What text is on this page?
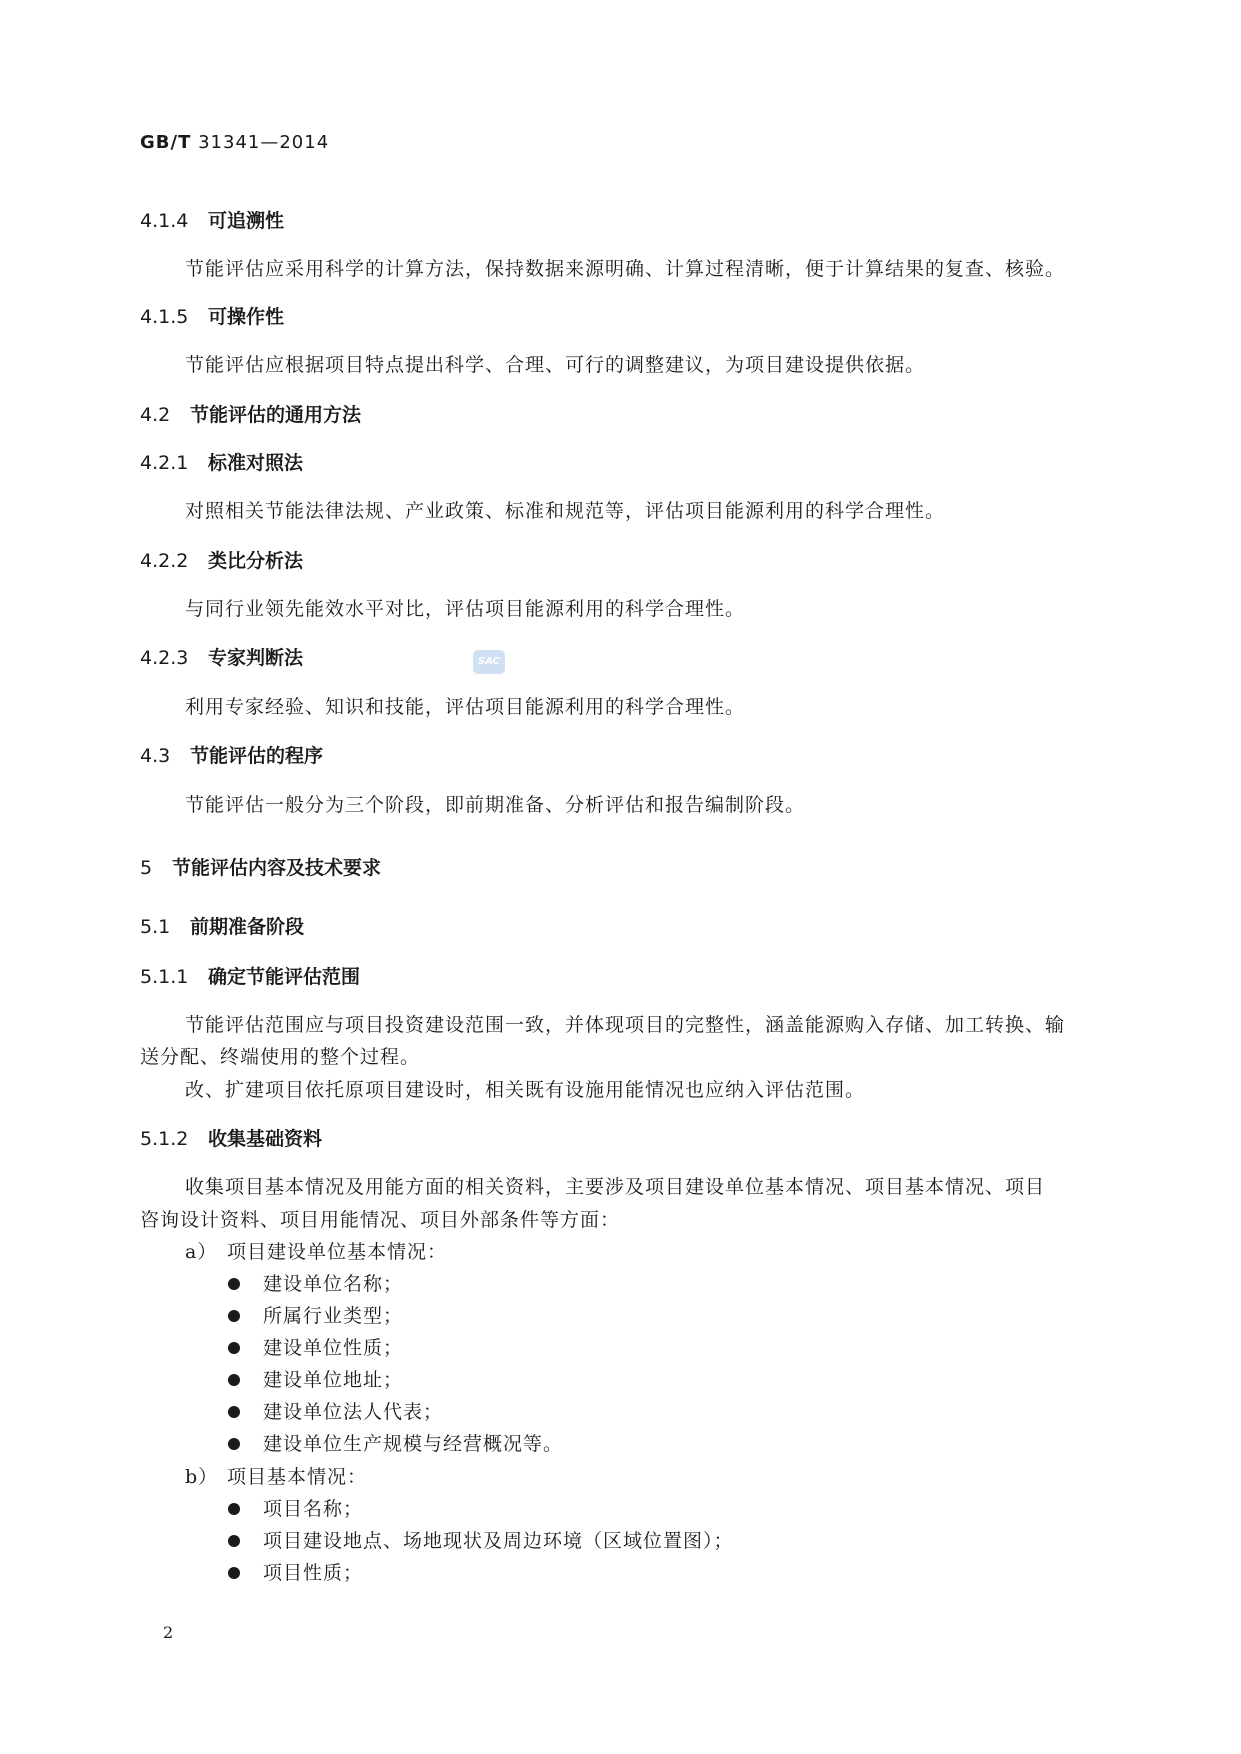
GB/T 31341—2014
4.1.4 可追溯性
节能评估应采用科学的计算方法，保持数据来源明确、计算过程清晰，便于计算结果的复查、核验。
4.1.5 可操作性
节能评估应根据项目特点提出科学、合理、可行的调整建议，为项目建设提供依据。
4.2 节能评估的通用方法
4.2.1 标准对照法
对照相关节能法律法规、产业政策、标准和规范等，评估项目能源利用的科学合理性。
4.2.2 类比分析法
与同行业领先能效水平对比，评估项目能源利用的科学合理性。
4.2.3 专家判断法	SAC
利用专家经验、知识和技能，评估项目能源利用的科学合理性。
4.3 节能评估的程序
节能评估一般分为三个阶段，即前期准备、分析评估和报告编制阶段。
5 节能评估内容及技术要求
5.1 前期准备阶段
5.1.1 确定节能评估范围
节能评估范围应与项目投资建设范围一致，并体现项目的完整性，涵盖能源购入存储、加工转换、输
送分配、终端使用的整个过程。
改、扩建项目依托原项目建设时，相关既有设施用能情况也应纳入评估范围。
5.1.2 收集基础资料
收集项目基本情况及用能方面的相关资料，主要涉及项目建设单位基本情况、项目基本情况、项目
咨询设计资料、项目用能情况、项目外部条件等方面：
a） 项目建设单位基本情况：
建设单位名称；
所属行业类型；
建设单位性质；
建设单位地址；
建设单位法人代表；
建设单位生产规模与经营概况等。
b） 项目基本情况：
项目名称；
项目建设地点、场地现状及周边环境（区域位置图）；
项目性质；
2
